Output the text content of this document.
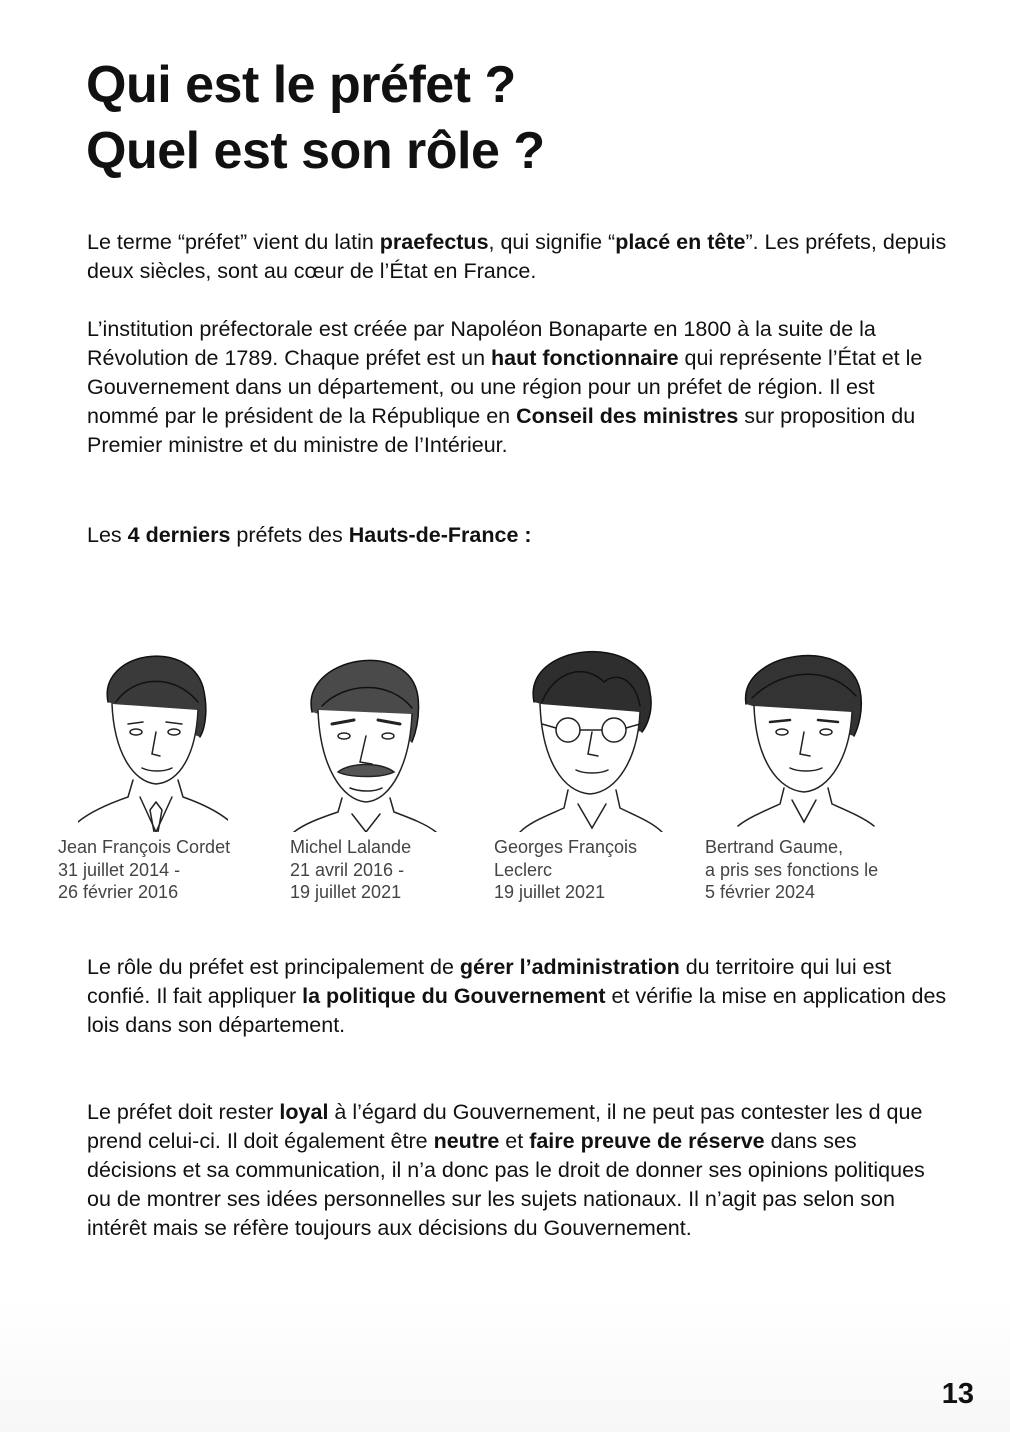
Qui est le préfet ?
Quel est son rôle ?

Le terme “préfet” vient du latin praefectus, qui signifie “placé en tête”. Les préfets, depuis deux siècles, sont au cœur de l’État en France.

L’institution préfectorale est créée par Napoléon Bonaparte en 1800 à la suite de la Révolution de 1789. Chaque préfet est un haut fonctionnaire qui représente l’État et le Gouvernement dans un département, ou une région pour un préfet de région. Il est nommé par le président de la République en Conseil des ministres sur proposition du Premier ministre et du ministre de l’Intérieur.

Les 4 derniers préfets des Hauts-de-France :

Jean François Cordet
31 juillet 2014 -
26 février 2016
Michel Lalande
21 avril 2016 -
19 juillet 2021
Georges François
Leclerc
19 juillet 2021
Bertrand Gaume,
a pris ses fonctions le
5 février 2024

Le rôle du préfet est principalement de gérer l’administration du territoire qui lui est confié. Il fait appliquer la politique du Gouvernement et vérifie la mise en application des lois dans son département.

Le préfet doit rester loyal à l’égard du Gouvernement, il ne peut pas contester les d que prend celui-ci. Il doit également être neutre et faire preuve de réserve dans ses décisions et sa communication, il n’a donc pas le droit de donner ses opinions politiques ou de montrer ses idées personnelles sur les sujets nationaux. Il n’agit pas selon son intérêt mais se réfère toujours aux décisions du Gouvernement.

13
